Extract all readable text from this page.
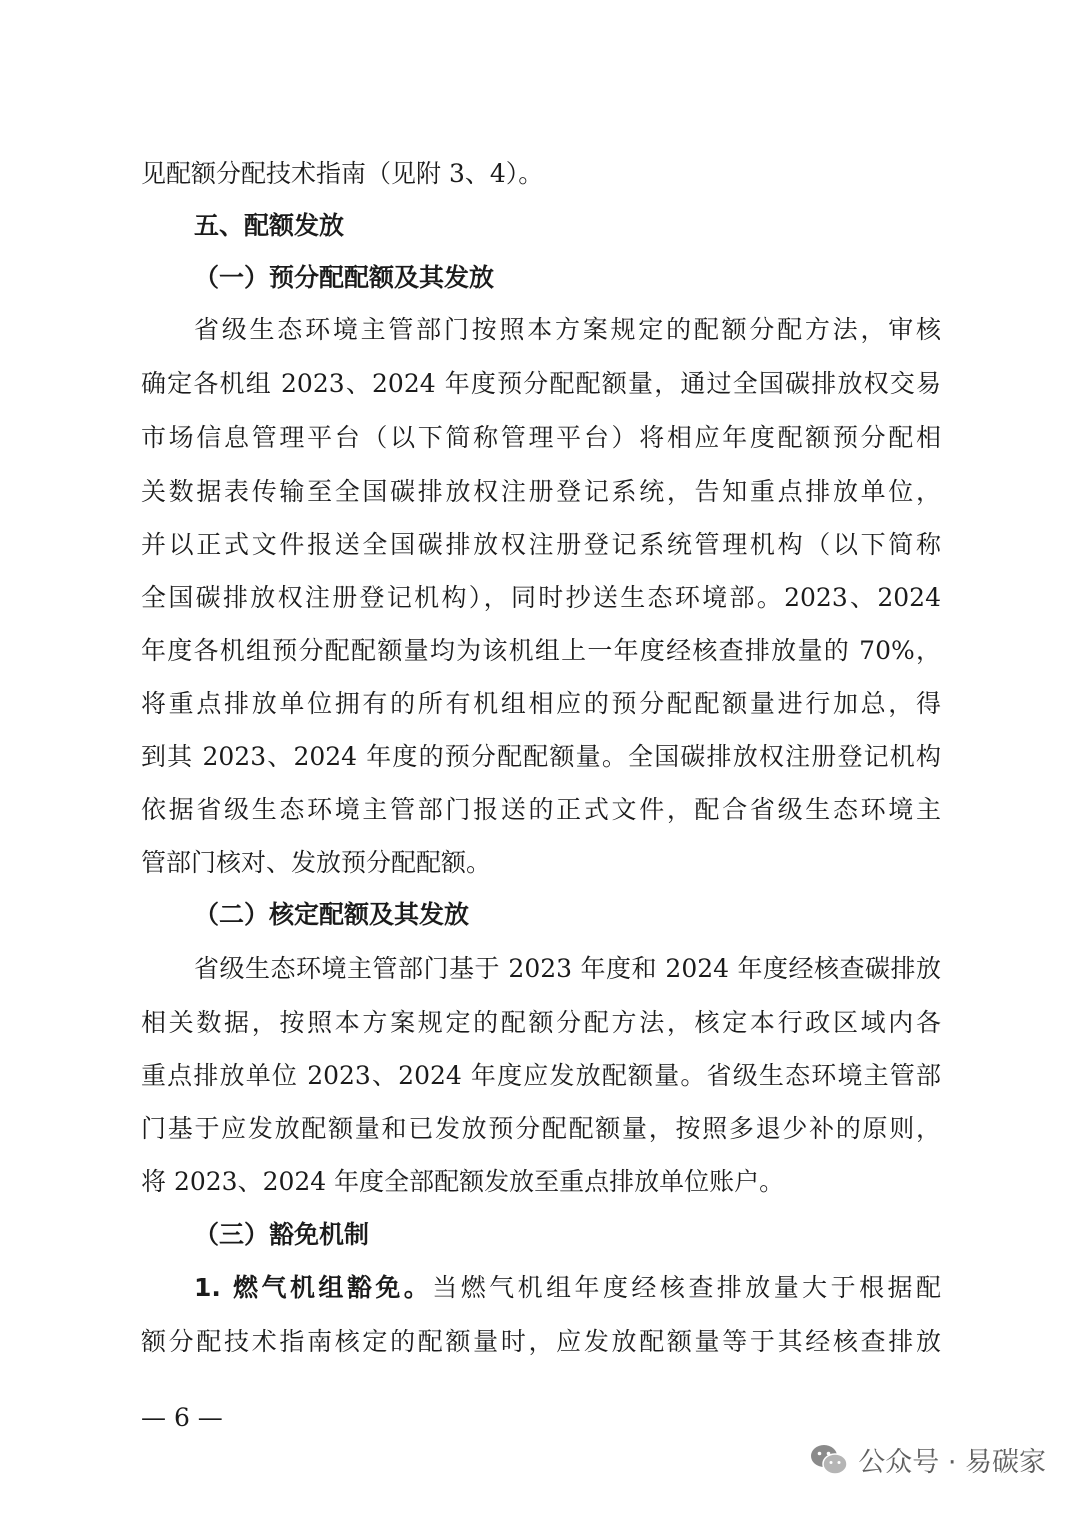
见配额分配技术指南（见附 3、4）。
五、配额发放
（一）预分配配额及其发放
省级生态环境主管部门按照本方案规定的配额分配方法，审核
确定各机组 2023、2024 年度预分配配额量，通过全国碳排放权交易
市场信息管理平台（以下简称管理平台）将相应年度配额预分配相
关数据表传输至全国碳排放权注册登记系统，告知重点排放单位，
并以正式文件报送全国碳排放权注册登记系统管理机构（以下简称
全国碳排放权注册登记机构），同时抄送生态环境部。2023、2024
年度各机组预分配配额量均为该机组上一年度经核查排放量的 70%，
将重点排放单位拥有的所有机组相应的预分配配额量进行加总，得
到其 2023、2024 年度的预分配配额量。全国碳排放权注册登记机构
依据省级生态环境主管部门报送的正式文件，配合省级生态环境主
管部门核对、发放预分配配额。
（二）核定配额及其发放
省级生态环境主管部门基于 2023 年度和 2024 年度经核查碳排放
相关数据，按照本方案规定的配额分配方法，核定本行政区域内各
重点排放单位 2023、2024 年度应发放配额量。省级生态环境主管部
门基于应发放配额量和已发放预分配配额量，按照多退少补的原则，
将 2023、2024 年度全部配额发放至重点排放单位账户。
（三）豁免机制
1. 燃气机组豁免。当燃气机组年度经核查排放量大于根据配
额分配技术指南核定的配额量时，应发放配额量等于其经核查排放
— 6 —
公众号 · 易碳家
